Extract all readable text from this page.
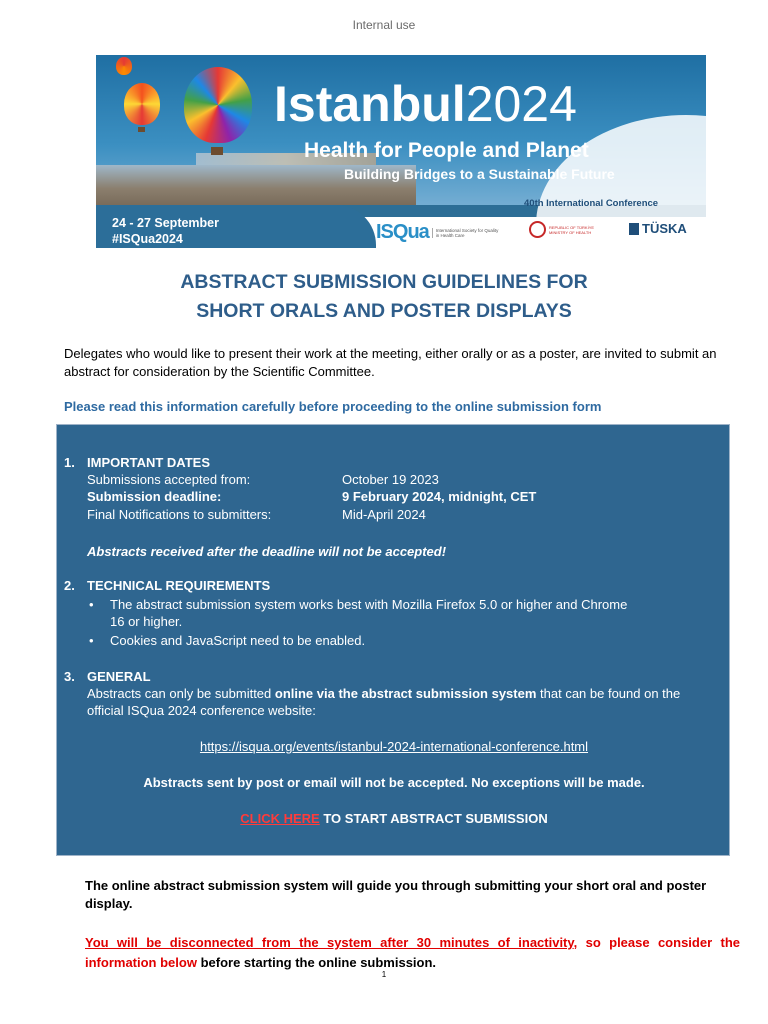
Internal use
Istanbul2024
Health for People and Planet
Building Bridges to a Sustainable Future
40th International Conference
24 - 27 September
#ISQua2024	ISQua	International Society for Quality in Health Care
REPUBLIC OF TÜRKİYE MINISTRY OF HEALTH	TÜSKA
ABSTRACT SUBMISSION GUIDELINES FOR
SHORT ORALS AND POSTER DISPLAYS
Delegates who would like to present their work at the meeting, either orally or as a poster, are invited to submit an abstract for consideration by the Scientific Committee.
Please read this information carefully before proceeding to the online submission form
1. IMPORTANT DATES
Submissions accepted from:	October 19 2023
Submission deadline:	9 February 2024, midnight, CET
Final Notifications to submitters:	Mid-April 2024
Abstracts received after the deadline will not be accepted!
2. TECHNICAL REQUIREMENTS
• The abstract submission system works best with Mozilla Firefox 5.0 or higher and Chrome 16 or higher.
• Cookies and JavaScript need to be enabled.
3. GENERAL
Abstracts can only be submitted online via the abstract submission system that can be found on the official ISQua 2024 conference website:
https://isqua.org/events/istanbul-2024-international-conference.html
Abstracts sent by post or email will not be accepted. No exceptions will be made.
CLICK HERE TO START ABSTRACT SUBMISSION
The online abstract submission system will guide you through submitting your short oral and poster display.
You will be disconnected from the system after 30 minutes of inactivity, so please consider the information below before starting the online submission.
1
